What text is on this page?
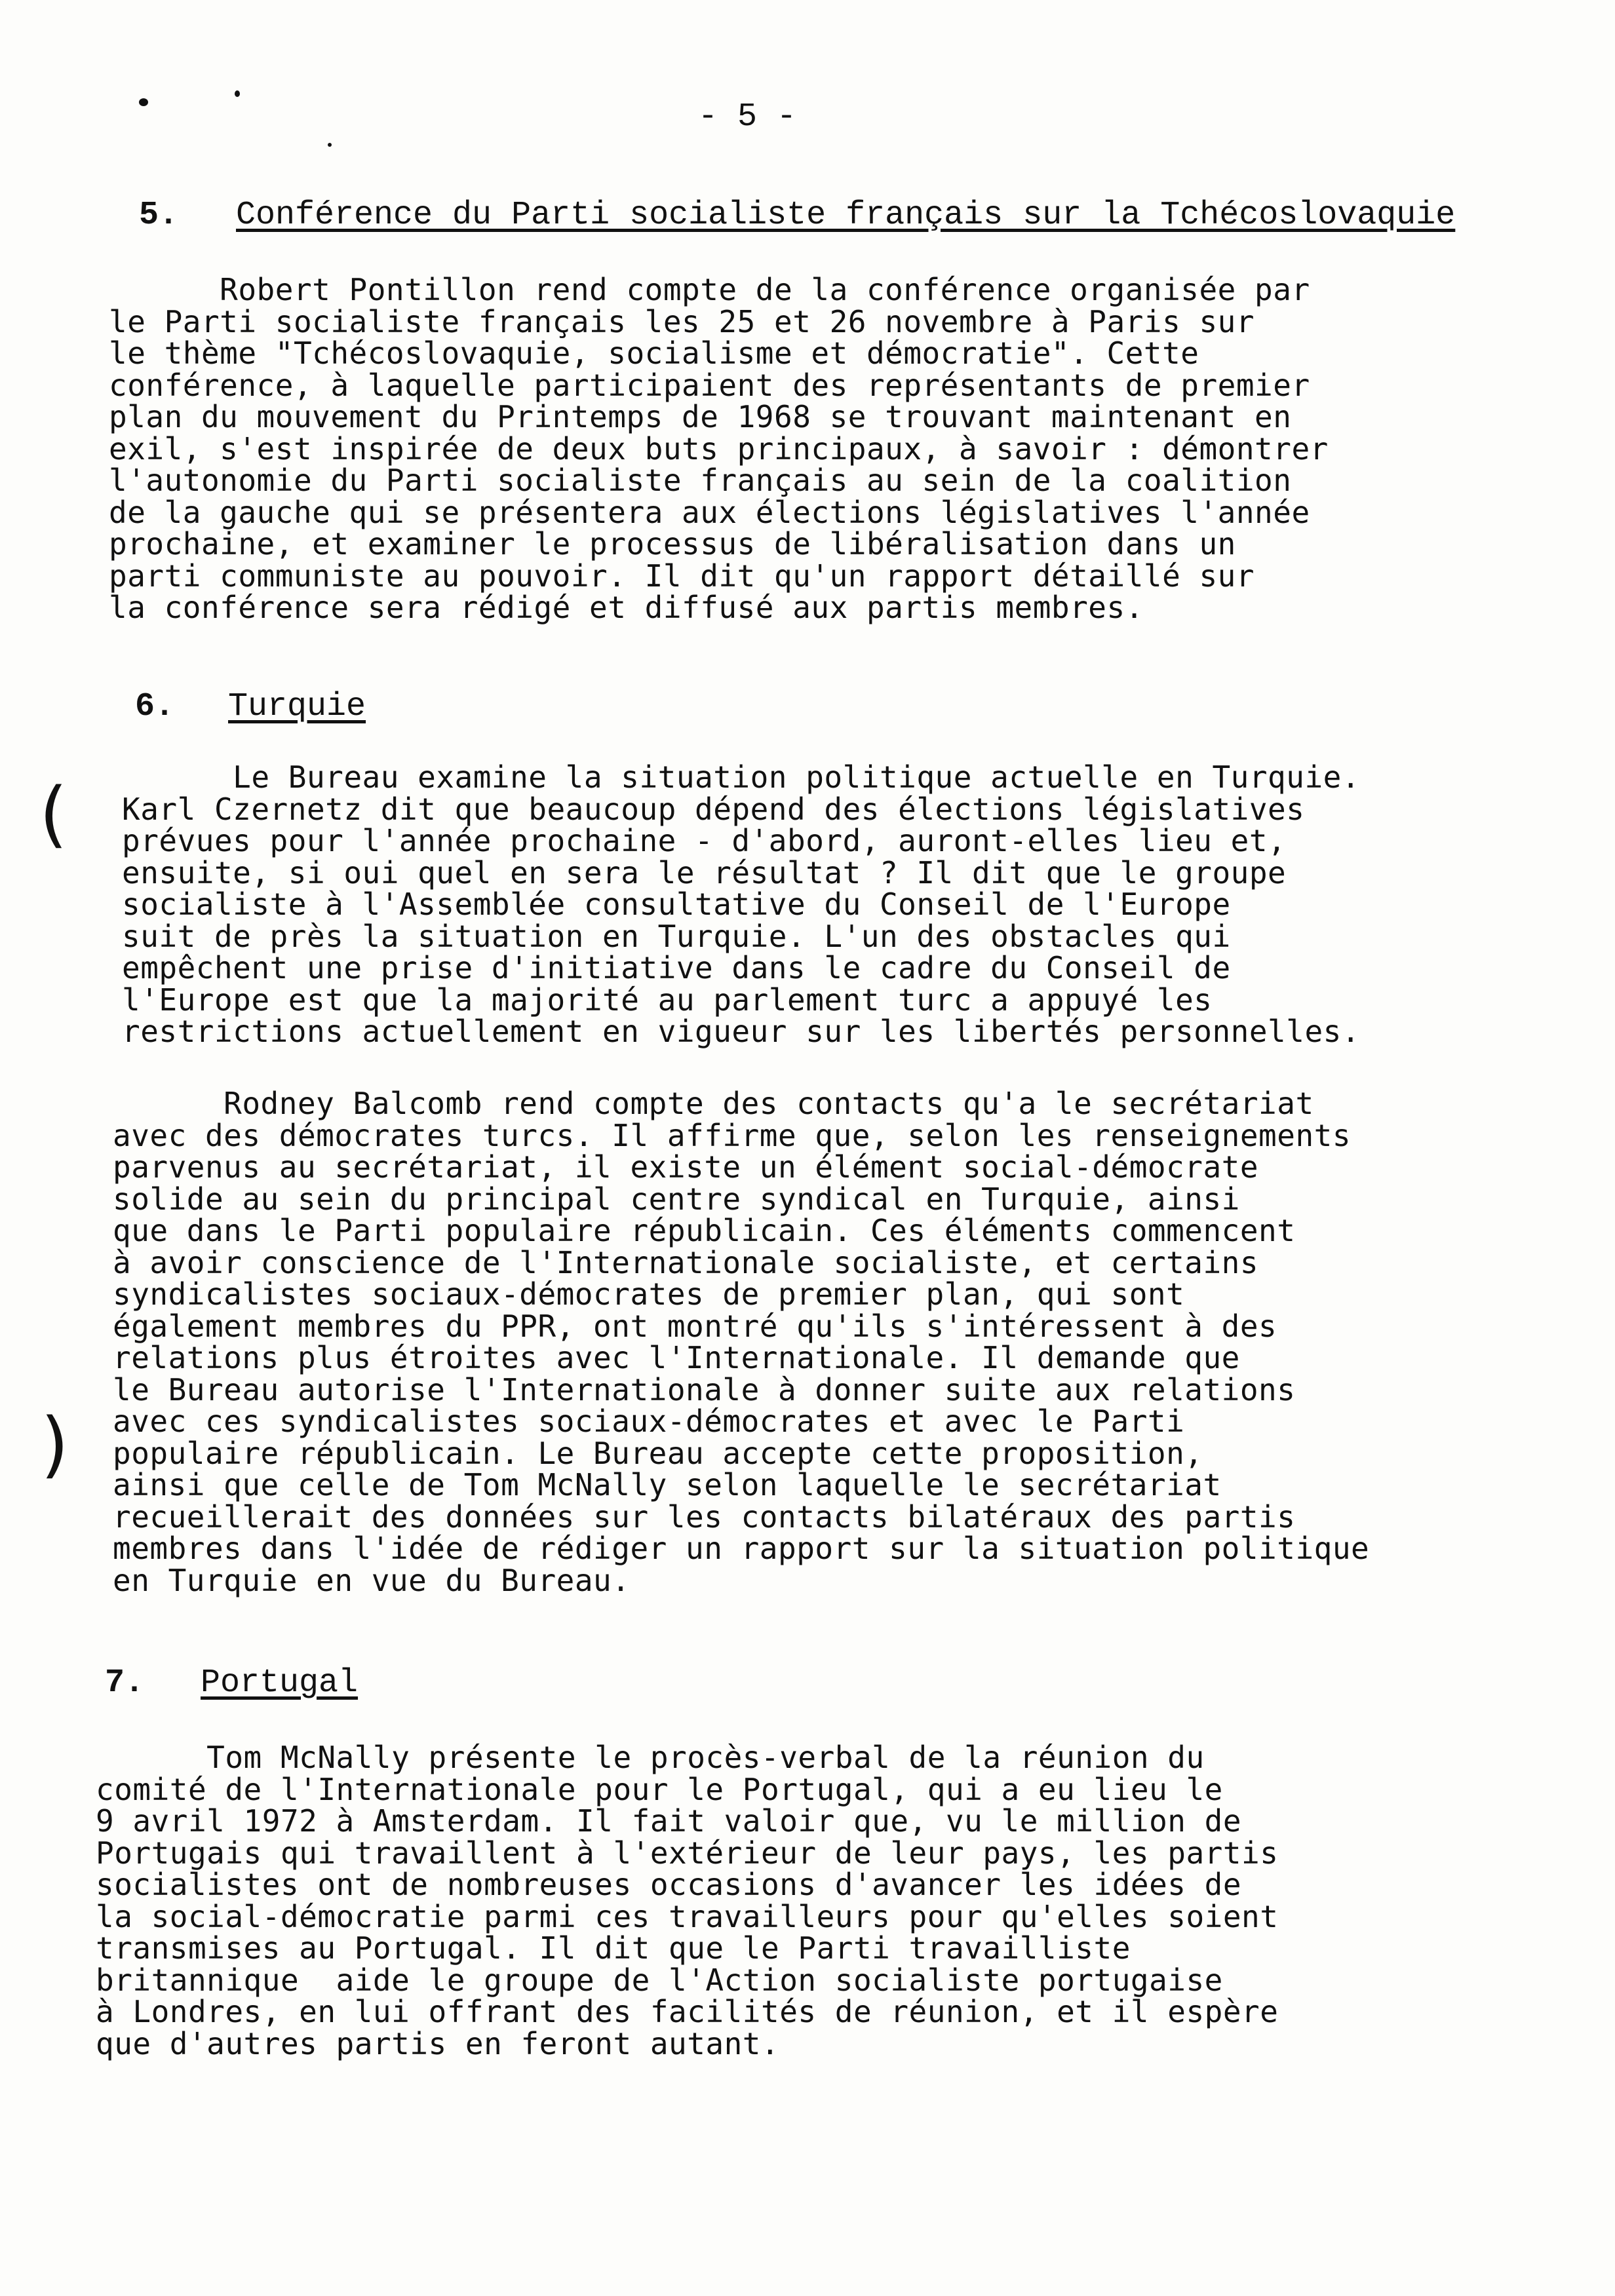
- 5 -
5. Conférence du Parti socialiste français sur la Tchécoslovaquie
Robert Pontillon rend compte de la conférence organisée par
le Parti socialiste français les 25 et 26 novembre à Paris sur
le thème "Tchécoslovaquie, socialisme et démocratie". Cette
conférence, à laquelle participaient des représentants de premier
plan du mouvement du Printemps de 1968 se trouvant maintenant en
exil, s'est inspirée de deux buts principaux, à savoir : démontrer
l'autonomie du Parti socialiste français au sein de la coalition
de la gauche qui se présentera aux élections législatives l'année
prochaine, et examiner le processus de libéralisation dans un
parti communiste au pouvoir. Il dit qu'un rapport détaillé sur
la conférence sera rédigé et diffusé aux partis membres.
6. Turquie
Le Bureau examine la situation politique actuelle en Turquie.
Karl Czernetz dit que beaucoup dépend des élections législatives
prévues pour l'année prochaine - d'abord, auront-elles lieu et,
ensuite, si oui quel en sera le résultat ? Il dit que le groupe
socialiste à l'Assemblée consultative du Conseil de l'Europe
suit de près la situation en Turquie. L'un des obstacles qui
empêchent une prise d'initiative dans le cadre du Conseil de
l'Europe est que la majorité au parlement turc a appuyé les
restrictions actuellement en vigueur sur les libertés personnelles.
Rodney Balcomb rend compte des contacts qu'a le secrétariat
avec des démocrates turcs. Il affirme que, selon les renseignements
parvenus au secrétariat, il existe un élément social-démocrate
solide au sein du principal centre syndical en Turquie, ainsi
que dans le Parti populaire républicain. Ces éléments commencent
à avoir conscience de l'Internationale socialiste, et certains
syndicalistes sociaux-démocrates de premier plan, qui sont
également membres du PPR, ont montré qu'ils s'intéressent à des
relations plus étroites avec l'Internationale. Il demande que
le Bureau autorise l'Internationale à donner suite aux relations
avec ces syndicalistes sociaux-démocrates et avec le Parti
populaire républicain. Le Bureau accepte cette proposition,
ainsi que celle de Tom McNally selon laquelle le secrétariat
recueillerait des données sur les contacts bilatéraux des partis
membres dans l'idée de rédiger un rapport sur la situation politique
en Turquie en vue du Bureau.
(
)
7. Portugal
Tom McNally présente le procès-verbal de la réunion du
comité de l'Internationale pour le Portugal, qui a eu lieu le
9 avril 1972 à Amsterdam. Il fait valoir que, vu le million de
Portugais qui travaillent à l'extérieur de leur pays, les partis
socialistes ont de nombreuses occasions d'avancer les idées de
la social-démocratie parmi ces travailleurs pour qu'elles soient
transmises au Portugal. Il dit que le Parti travailliste
britannique  aide le groupe de l'Action socialiste portugaise
à Londres, en lui offrant des facilités de réunion, et il espère
que d'autres partis en feront autant.
